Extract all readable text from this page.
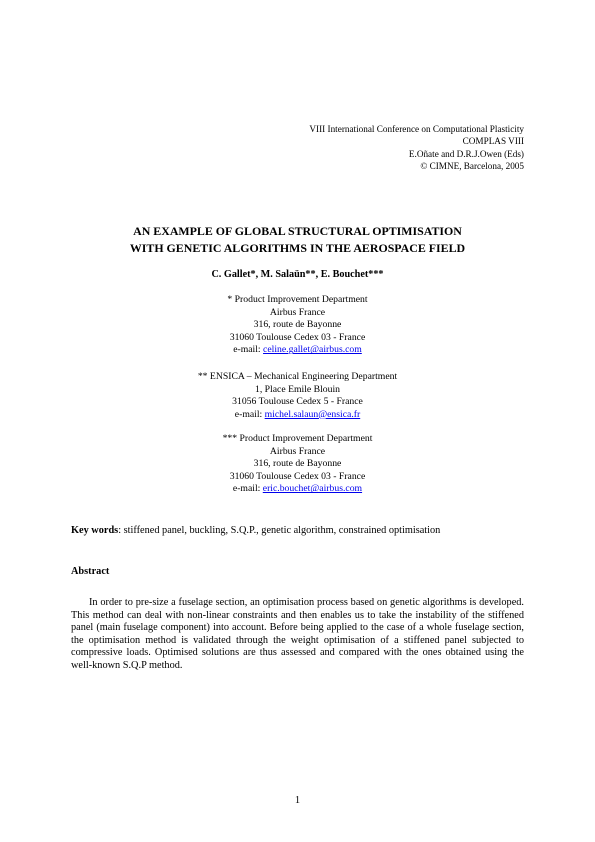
VIII International Conference on Computational Plasticity
COMPLAS VIII
E.Oñate and D.R.J.Owen (Eds)
© CIMNE, Barcelona, 2005
AN EXAMPLE OF GLOBAL STRUCTURAL OPTIMISATION
WITH GENETIC ALGORITHMS IN THE AEROSPACE FIELD
C. Gallet*, M. Salaün**, E. Bouchet***
* Product Improvement Department
Airbus France
316, route de Bayonne
31060 Toulouse Cedex 03 - France
e-mail: celine.gallet@airbus.com
** ENSICA – Mechanical Engineering Department
1, Place Emile Blouin
31056 Toulouse Cedex 5 - France
e-mail: michel.salaun@ensica.fr
*** Product Improvement Department
Airbus France
316, route de Bayonne
31060 Toulouse Cedex 03 - France
e-mail: eric.bouchet@airbus.com
Key words: stiffened panel, buckling, S.Q.P., genetic algorithm, constrained optimisation
Abstract
In order to pre-size a fuselage section, an optimisation process based on genetic algorithms is developed. This method can deal with non-linear constraints and then enables us to take the instability of the stiffened panel (main fuselage component) into account. Before being applied to the case of a whole fuselage section, the optimisation method is validated through the weight optimisation of a stiffened panel subjected to compressive loads. Optimised solutions are thus assessed and compared with the ones obtained using the well-known S.Q.P method.
1
